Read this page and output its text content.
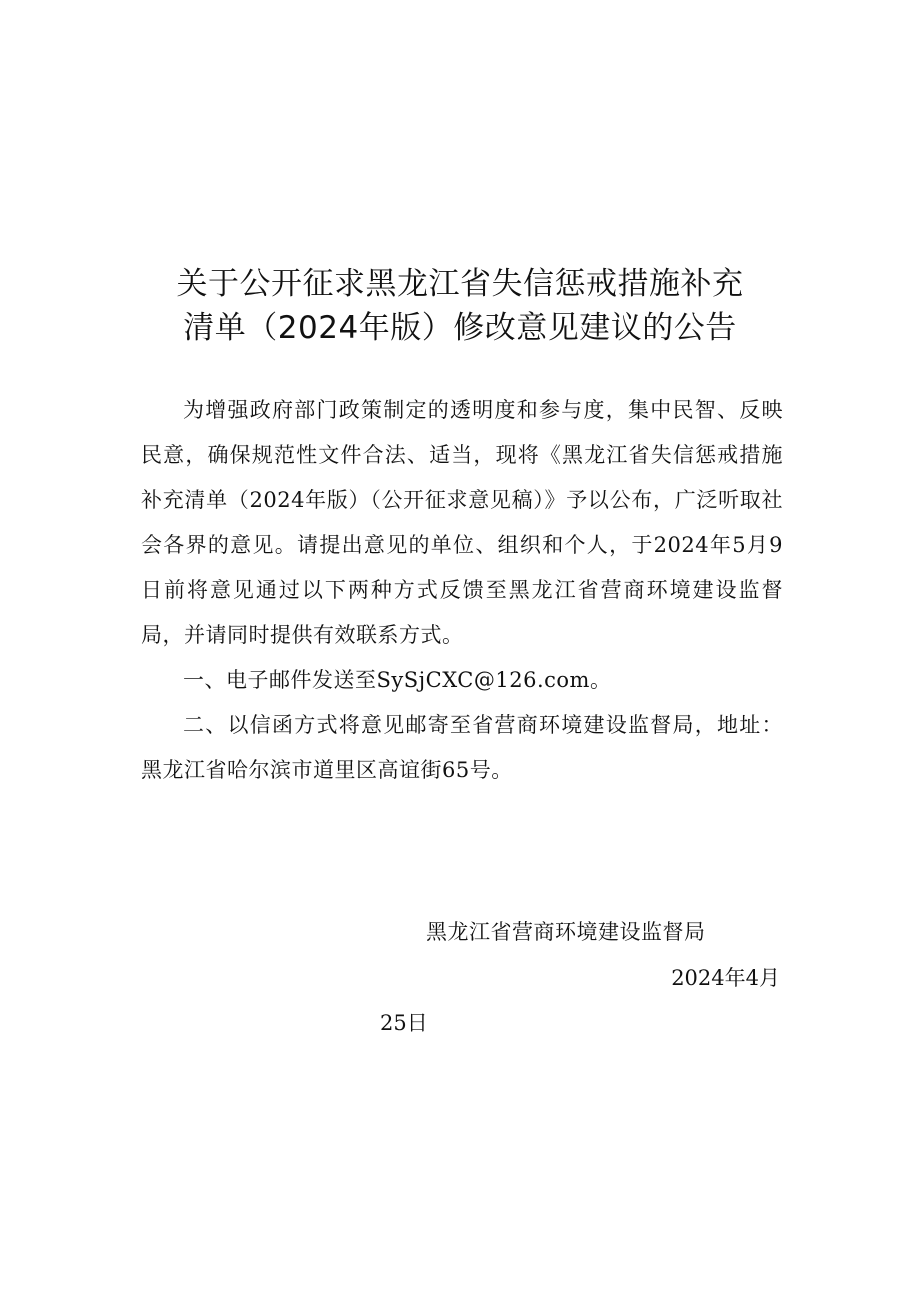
关于公开征求黑龙江省失信惩戒措施补充
清单（2024年版）修改意见建议的公告

为增强政府部门政策制定的透明度和参与度，集中民智、反映民意，确保规范性文件合法、适当，现将《黑龙江省失信惩戒措施补充清单（2024年版）（公开征求意见稿）》予以公布，广泛听取社会各界的意见。请提出意见的单位、组织和个人，于2024年5月9日前将意见通过以下两种方式反馈至黑龙江省营商环境建设监督局，并请同时提供有效联系方式。

一、电子邮件发送至SySjCXC@126.com。

二、以信函方式将意见邮寄至省营商环境建设监督局，地址：黑龙江省哈尔滨市道里区高谊街65号。

黑龙江省营商环境建设监督局
2024年4月
25日
